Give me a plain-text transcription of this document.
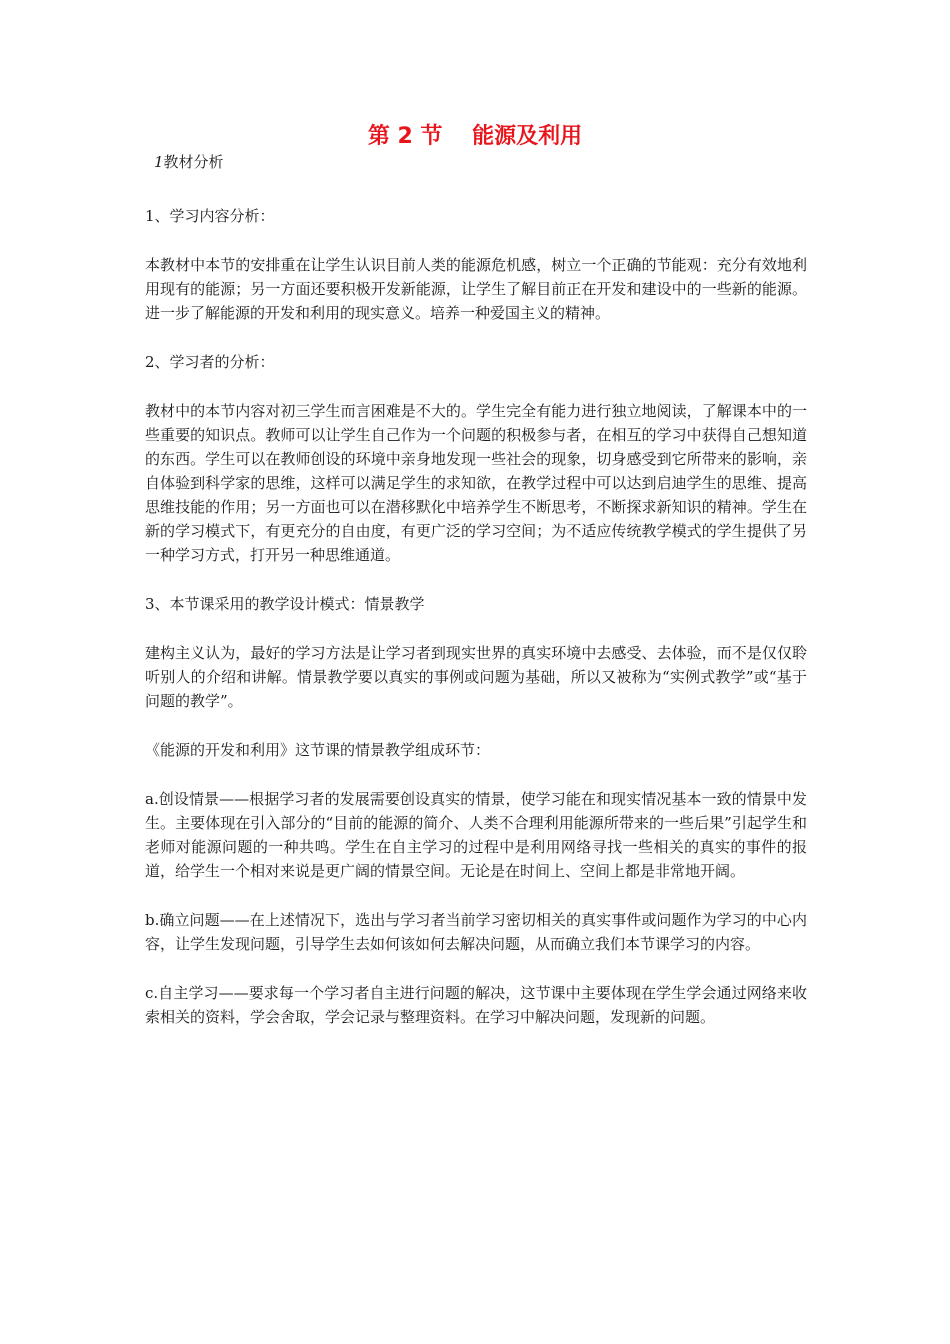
第 2 节　 能源及利用
1教材分析

1、学习内容分析：

本教材中本节的安排重在让学生认识目前人类的能源危机感，树立一个正确的节能观：充分有效地利用现有的能源；另一方面还要积极开发新能源，让学生了解目前正在开发和建设中的一些新的能源。进一步了解能源的开发和利用的现实意义。培养一种爱国主义的精神。

2、学习者的分析：

教材中的本节内容对初三学生而言困难是不大的。学生完全有能力进行独立地阅读，了解课本中的一些重要的知识点。教师可以让学生自己作为一个问题的积极参与者，在相互的学习中获得自己想知道的东西。学生可以在教师创设的环境中亲身地发现一些社会的现象，切身感受到它所带来的影响，亲自体验到科学家的思维，这样可以满足学生的求知欲，在教学过程中可以达到启迪学生的思维、提高思维技能的作用；另一方面也可以在潜移默化中培养学生不断思考，不断探求新知识的精神。学生在新的学习模式下，有更充分的自由度，有更广泛的学习空间；为不适应传统教学模式的学生提供了另一种学习方式，打开另一种思维通道。

3、本节课采用的教学设计模式：情景教学

建构主义认为，最好的学习方法是让学习者到现实世界的真实环境中去感受、去体验，而不是仅仅聆听别人的介绍和讲解。情景教学要以真实的事例或问题为基础，所以又被称为“实例式教学”或“基于问题的教学”。

《能源的开发和利用》这节课的情景教学组成环节：

a.创设情景——根据学习者的发展需要创设真实的情景，使学习能在和现实情况基本一致的情景中发生。主要体现在引入部分的“目前的能源的简介、人类不合理利用能源所带来的一些后果”引起学生和老师对能源问题的一种共鸣。学生在自主学习的过程中是利用网络寻找一些相关的真实的事件的报道，给学生一个相对来说是更广阔的情景空间。无论是在时间上、空间上都是非常地开阔。

b.确立问题——在上述情况下，选出与学习者当前学习密切相关的真实事件或问题作为学习的中心内容，让学生发现问题，引导学生去如何该如何去解决问题，从而确立我们本节课学习的内容。

c.自主学习——要求每一个学习者自主进行问题的解决，这节课中主要体现在学生学会通过网络来收索相关的资料，学会舍取，学会记录与整理资料。在学习中解决问题，发现新的问题。
